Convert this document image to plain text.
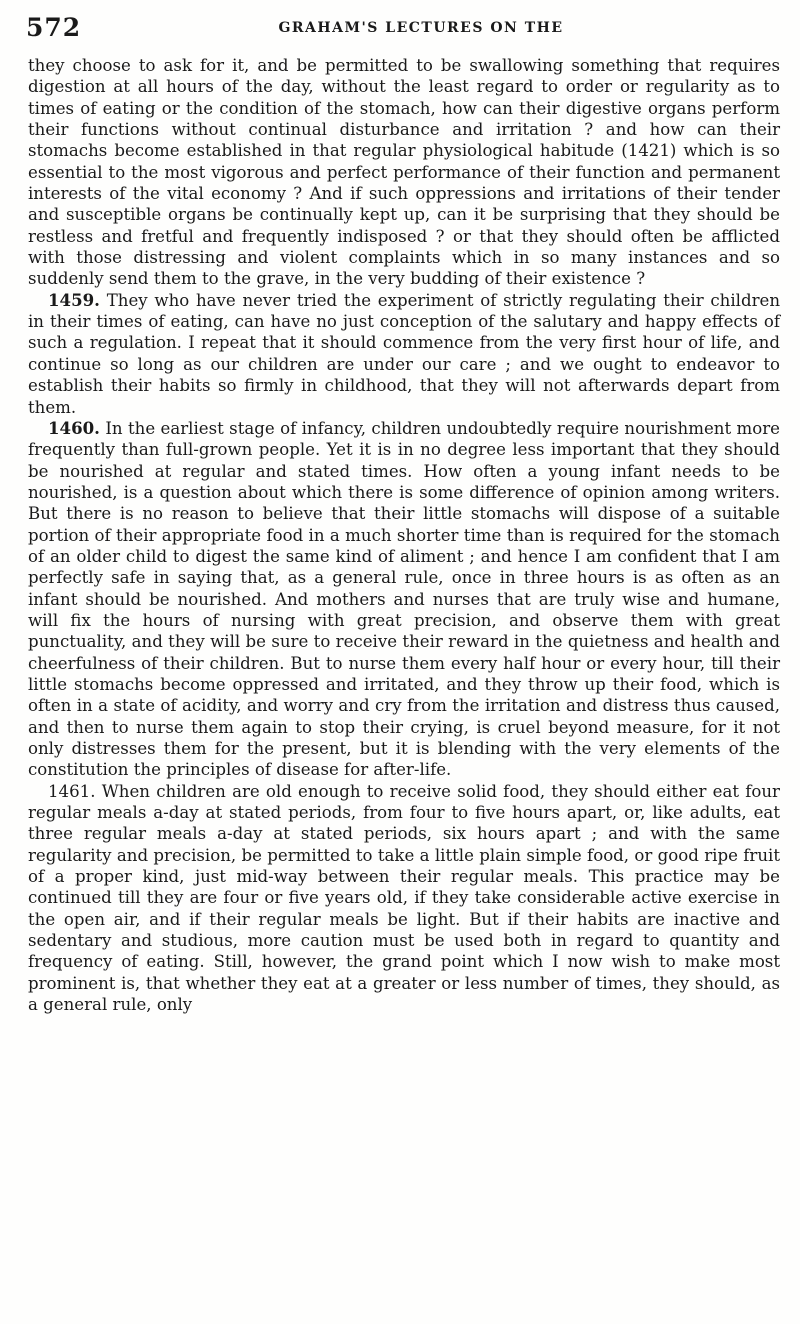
572	GRAHAM'S LECTURES ON THE

they choose to ask for it, and be permitted to be swallowing something that requires digestion at all hours of the day, without the least regard to order or regularity as to times of eating or the condition of the stomach, how can their digestive organs perform their functions without continual disturbance and irritation ? and how can their stomachs become established in that regular physiological habitude (1421) which is so essential to the most vigorous and perfect performance of their function and permanent interests of the vital economy ? And if such oppressions and irritations of their tender and susceptible organs be continually kept up, can it be surprising that they should be restless and fretful and frequently indisposed ? or that they should often be afflicted with those distressing and violent complaints which in so many instances and so suddenly send them to the grave, in the very budding of their existence ?

1459. They who have never tried the experiment of strictly regulating their children in their times of eating, can have no just conception of the salutary and happy effects of such a regulation. I repeat that it should commence from the very first hour of life, and continue so long as our children are under our care ; and we ought to endeavor to establish their habits so firmly in childhood, that they will not afterwards depart from them.

1460. In the earliest stage of infancy, children undoubtedly require nourishment more frequently than full-grown people. Yet it is in no degree less important that they should be nourished at regular and stated times. How often a young infant needs to be nourished, is a question about which there is some difference of opinion among writers. But there is no reason to believe that their little stomachs will dispose of a suitable portion of their appropriate food in a much shorter time than is required for the stomach of an older child to digest the same kind of aliment ; and hence I am confident that I am perfectly safe in saying that, as a general rule, once in three hours is as often as an infant should be nourished. And mothers and nurses that are truly wise and humane, will fix the hours of nursing with great precision, and observe them with great punctuality, and they will be sure to receive their reward in the quietness and health and cheerfulness of their children. But to nurse them every half hour or every hour, till their little stomachs become oppressed and irritated, and they throw up their food, which is often in a state of acidity, and worry and cry from the irritation and distress thus caused, and then to nurse them again to stop their crying, is cruel beyond measure, for it not only distresses them for the present, but it is blending with the very elements of the constitution the principles of disease for after-life.

1461. When children are old enough to receive solid food, they should either eat four regular meals a-day at stated periods, from four to five hours apart, or, like adults, eat three regular meals a-day at stated periods, six hours apart ; and with the same regularity and precision, be permitted to take a little plain simple food, or good ripe fruit of a proper kind, just mid-way between their regular meals. This practice may be continued till they are four or five years old, if they take considerable active exercise in the open air, and if their regular meals be light. But if their habits are inactive and sedentary and studious, more caution must be used both in regard to quantity and frequency of eating. Still, however, the grand point which I now wish to make most prominent is, that whether they eat at a greater or less number of times, they should, as a general rule, only
